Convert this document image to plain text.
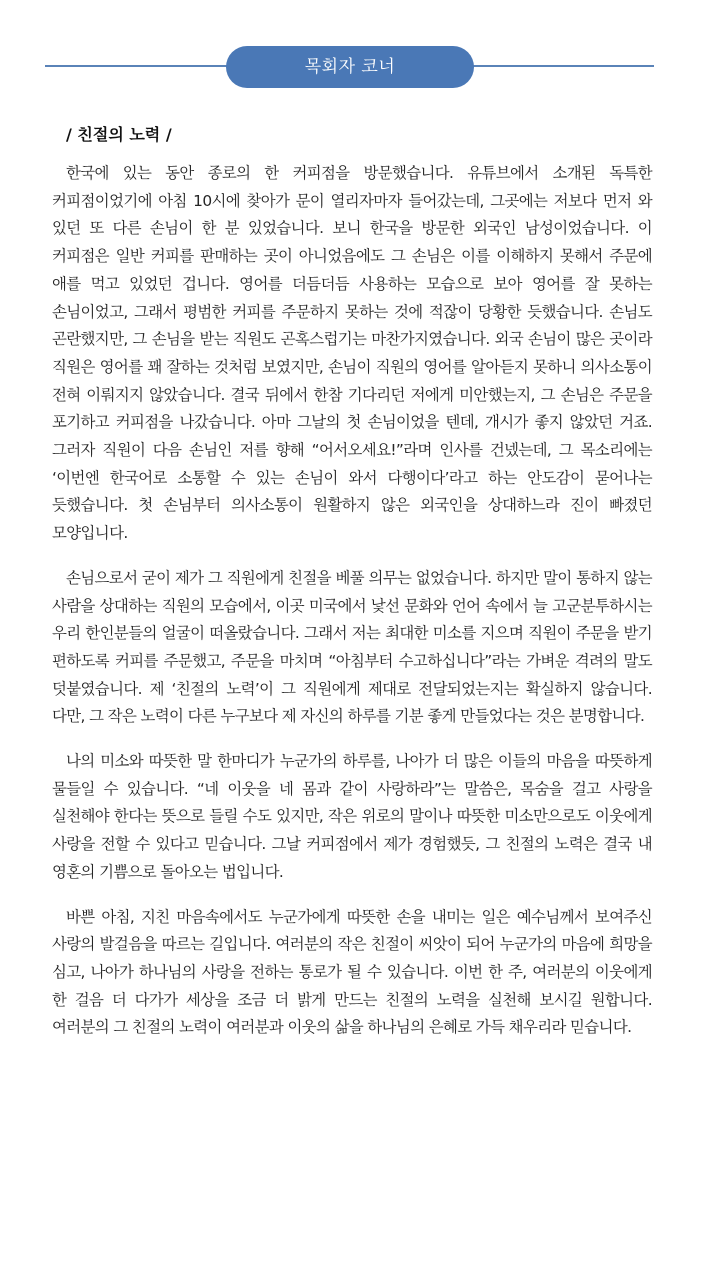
목회자 코너
/ 친절의 노력 /

한국에 있는 동안 종로의 한 커피점을 방문했습니다. 유튜브에서 소개된 독특한 커피점이었기에 아침 10시에 찾아가 문이 열리자마자 들어갔는데, 그곳에는 저보다 먼저 와 있던 또 다른 손님이 한 분 있었습니다. 보니 한국을 방문한 외국인 남성이었습니다. 이 커피점은 일반 커피를 판매하는 곳이 아니었음에도 그 손님은 이를 이해하지 못해서 주문에 애를 먹고 있었던 겁니다. 영어를 더듬더듬 사용하는 모습으로 보아 영어를 잘 못하는 손님이었고, 그래서 평범한 커피를 주문하지 못하는 것에 적잖이 당황한 듯했습니다. 손님도 곤란했지만, 그 손님을 받는 직원도 곤혹스럽기는 마찬가지였습니다. 외국 손님이 많은 곳이라 직원은 영어를 꽤 잘하는 것처럼 보였지만, 손님이 직원의 영어를 알아듣지 못하니 의사소통이 전혀 이뤄지지 않았습니다. 결국 뒤에서 한참 기다리던 저에게 미안했는지, 그 손님은 주문을 포기하고 커피점을 나갔습니다. 아마 그날의 첫 손님이었을 텐데, 개시가 좋지 않았던 거죠. 그러자 직원이 다음 손님인 저를 향해 “어서오세요!”라며 인사를 건넸는데, 그 목소리에는 ‘이번엔 한국어로 소통할 수 있는 손님이 와서 다행이다’라고 하는 안도감이 묻어나는 듯했습니다. 첫 손님부터 의사소통이 원활하지 않은 외국인을 상대하느라 진이 빠졌던 모양입니다.

손님으로서 굳이 제가 그 직원에게 친절을 베풀 의무는 없었습니다. 하지만 말이 통하지 않는 사람을 상대하는 직원의 모습에서, 이곳 미국에서 낯선 문화와 언어 속에서 늘 고군분투하시는 우리 한인분들의 얼굴이 떠올랐습니다. 그래서 저는 최대한 미소를 지으며 직원이 주문을 받기 편하도록 커피를 주문했고, 주문을 마치며 “아침부터 수고하십니다”라는 가벼운 격려의 말도 덧붙였습니다. 제 ‘친절의 노력’이 그 직원에게 제대로 전달되었는지는 확실하지 않습니다. 다만, 그 작은 노력이 다른 누구보다 제 자신의 하루를 기분 좋게 만들었다는 것은 분명합니다.

나의 미소와 따뜻한 말 한마디가 누군가의 하루를, 나아가 더 많은 이들의 마음을 따뜻하게 물들일 수 있습니다. “네 이웃을 네 몸과 같이 사랑하라”는 말씀은, 목숨을 걸고 사랑을 실천해야 한다는 뜻으로 들릴 수도 있지만, 작은 위로의 말이나 따뜻한 미소만으로도 이웃에게 사랑을 전할 수 있다고 믿습니다. 그날 커피점에서 제가 경험했듯, 그 친절의 노력은 결국 내 영혼의 기쁨으로 돌아오는 법입니다.

바쁜 아침, 지친 마음속에서도 누군가에게 따뜻한 손을 내미는 일은 예수님께서 보여주신 사랑의 발걸음을 따르는 길입니다. 여러분의 작은 친절이 씨앗이 되어 누군가의 마음에 희망을 심고, 나아가 하나님의 사랑을 전하는 통로가 될 수 있습니다. 이번 한 주, 여러분의 이웃에게 한 걸음 더 다가가 세상을 조금 더 밝게 만드는 친절의 노력을 실천해 보시길 원합니다. 여러분의 그 친절의 노력이 여러분과 이웃의 삶을 하나님의 은혜로 가득 채우리라 믿습니다.
